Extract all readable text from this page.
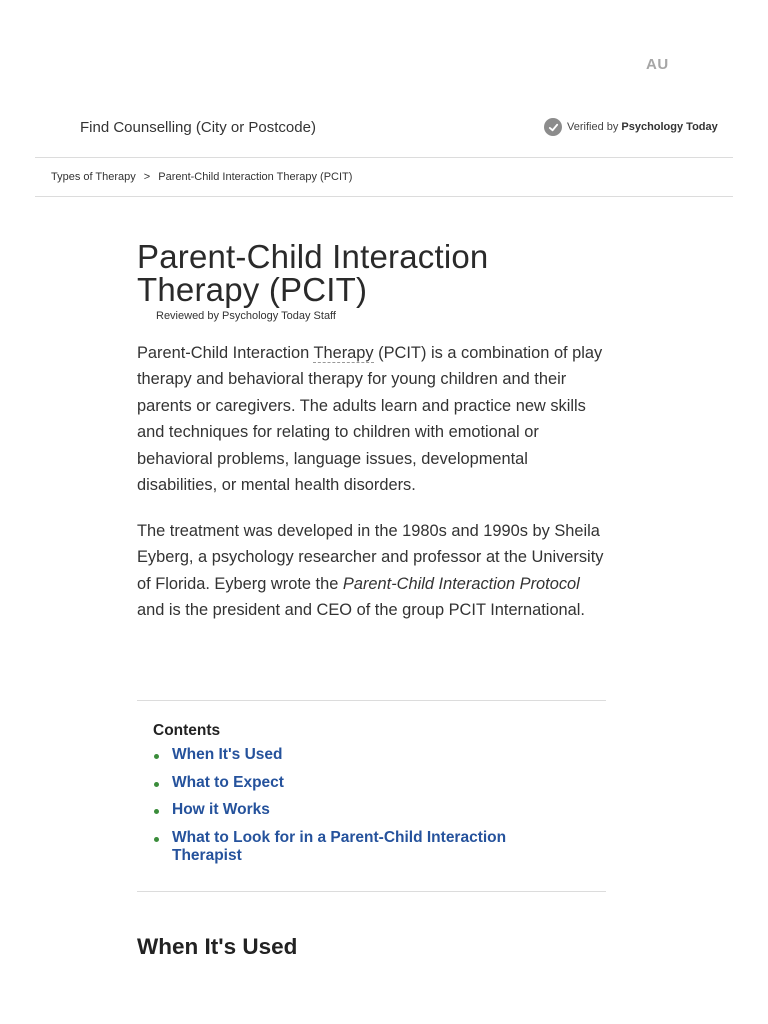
AU
Find Counselling (City or Postcode)	Verified by Psychology Today
Types of Therapy > Parent-Child Interaction Therapy (PCIT)
Parent-Child Interaction Therapy (PCIT)
Reviewed by Psychology Today Staff

Parent-Child Interaction Therapy (PCIT) is a combination of play therapy and behavioral therapy for young children and their parents or caregivers. The adults learn and practice new skills and techniques for relating to children with emotional or behavioral problems, language issues, developmental disabilities, or mental health disorders.

The treatment was developed in the 1980s and 1990s by Sheila Eyberg, a psychology researcher and professor at the University of Florida. Eyberg wrote the Parent-Child Interaction Protocol and is the president and CEO of the group PCIT International.

Contents
When It's Used
What to Expect
How it Works
What to Look for in a Parent-Child Interaction Therapist
When It's Used
